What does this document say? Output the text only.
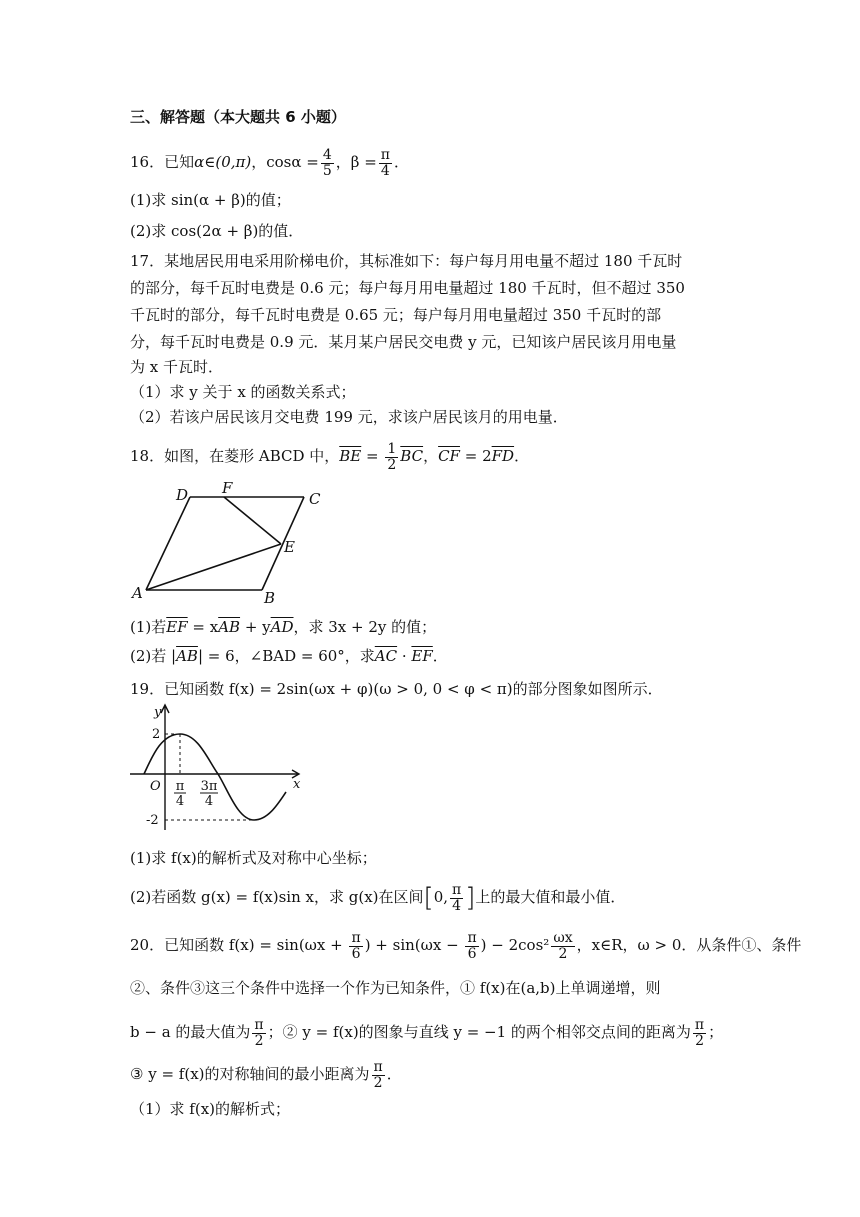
三、解答题（本大题共 6 小题）
16．已知α∈(0,π)，$\cos\alpha = \frac{4}{5}$ ，$\beta = \frac{\pi}{4}$ ．
(1)求 sin(α + β)的值；
(2)求 cos(2α + β)的值．
17．某地居民用电采用阶梯电价，其标准如下：每户每月用电量不超过 180 千瓦时
的部分，每千瓦时电费是 0.6 元；每户每月用电量超过 180 千瓦时，但不超过 350
千瓦时的部分，每千瓦时电费是 0.65 元；每户每月用电量超过 350 千瓦时的部
分，每千瓦时电费是 0.9 元．某月某户居民交电费 y 元，已知该户居民该月用电量
为 x 千瓦时．
（1）求 y 关于 x 的函数关系式；
（2）若该户居民该月交电费 199 元，求该户居民该月的用电量．
18．如图，在菱形 ABCD 中，$\overline{BE} = \frac{1}{2} \overline{BC}$，$\overline{CF} = 2\overline{FD}$．
A	B
C
D
E
F
(1)若$\overline{EF} = x\overline{AB} + y\overline{AD}$，求 3x + 2y 的值；
(2)若 $|\overline{AB}| = 6$，∠BAD = 60°，求$\overline{AC} \cdot \overline{EF}$．
19．已知函数 f(x) = 2sin(ωx + φ)(ω > 0, 0 < φ < π)的部分图象如图所示．
y
x
O
2
-2
π
4
3π
4
(1)求 f(x)的解析式及对称中心坐标；
(2)若函数 g(x) = f(x)sin x，求 g(x)在区间[0, $\frac{\pi}{4}$ ]上的最大值和最小值．
20．已知函数 $f(x) = \sin(\omega x + \frac{\pi}{6}$ ) + $\sin(\omega x - \frac{\pi}{6}$ ) − $2\cos^2 \frac{\omega x}{2}$ ，x∈R，ω > 0．从条件①、条件
②、条件③这三个条件中选择一个作为已知条件，① f(x)在(a,b)上单调递增，则
b − a 的最大值为 $\frac{\pi}{2}$ ；② y = f(x)的图象与直线 y = −1 的两个相邻交点间的距离为 $\frac{\pi}{2}$ ；
③ y = f(x)的对称轴间的最小距离为 $\frac{\pi}{2}$ ．
（1）求 f(x)的解析式；
